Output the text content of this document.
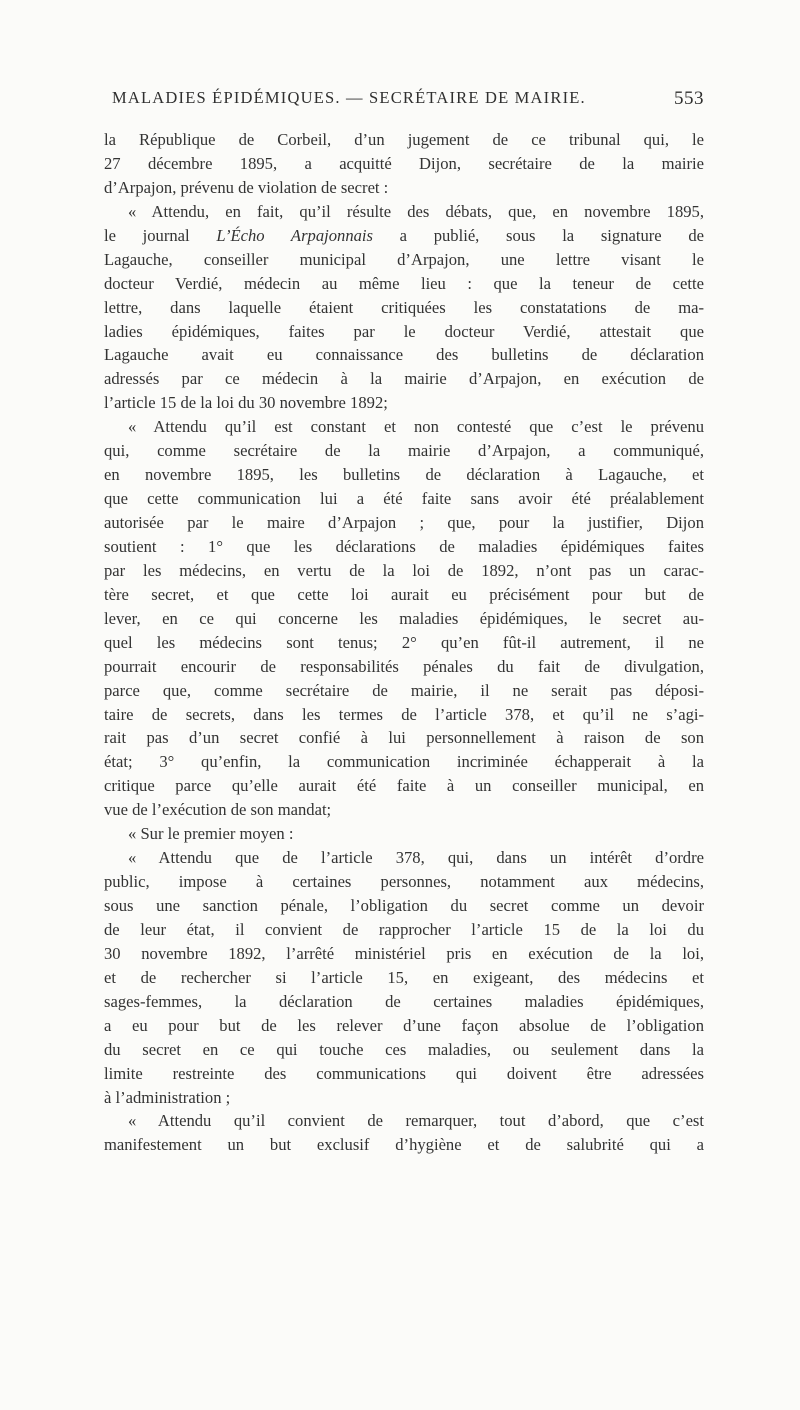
MALADIES ÉPIDÉMIQUES. — SECRÉTAIRE DE MAIRIE.	553
la République de Corbeil, d’un jugement de ce tribunal qui, le
27 décembre 1895, a acquitté Dijon, secrétaire de la mairie
d’Arpajon, prévenu de violation de secret :
« Attendu, en fait, qu’il résulte des débats, que, en novembre 1895,
le journal L’Écho Arpajonnais a publié, sous la signature de
Lagauche, conseiller municipal d’Arpajon, une lettre visant le
docteur Verdié, médecin au même lieu : que la teneur de cette
lettre, dans laquelle étaient critiquées les constatations de ma-
ladies épidémiques, faites par le docteur Verdié, attestait que
Lagauche avait eu connaissance des bulletins de déclaration
adressés par ce médecin à la mairie d’Arpajon, en exécution de
l’article 15 de la loi du 30 novembre 1892;
« Attendu qu’il est constant et non contesté que c’est le prévenu
qui, comme secrétaire de la mairie d’Arpajon, a communiqué,
en novembre 1895, les bulletins de déclaration à Lagauche, et
que cette communication lui a été faite sans avoir été préalablement
autorisée par le maire d’Arpajon ; que, pour la justifier, Dijon
soutient : 1° que les déclarations de maladies épidémiques faites
par les médecins, en vertu de la loi de 1892, n’ont pas un carac-
tère secret, et que cette loi aurait eu précisément pour but de
lever, en ce qui concerne les maladies épidémiques, le secret au-
quel les médecins sont tenus; 2° qu’en fût-il autrement, il ne
pourrait encourir de responsabilités pénales du fait de divulgation,
parce que, comme secrétaire de mairie, il ne serait pas déposi-
taire de secrets, dans les termes de l’article 378, et qu’il ne s’agi-
rait pas d’un secret confié à lui personnellement à raison de son
état; 3° qu’enfin, la communication incriminée échapperait à la
critique parce qu’elle aurait été faite à un conseiller municipal, en
vue de l’exécution de son mandat;
« Sur le premier moyen :
« Attendu que de l’article 378, qui, dans un intérêt d’ordre
public, impose à certaines personnes, notamment aux médecins,
sous une sanction pénale, l’obligation du secret comme un devoir
de leur état, il convient de rapprocher l’article 15 de la loi du
30 novembre 1892, l’arrêté ministériel pris en exécution de la loi,
et de rechercher si l’article 15, en exigeant, des médecins et
sages-femmes, la déclaration de certaines maladies épidémiques,
a eu pour but de les relever d’une façon absolue de l’obligation
du secret en ce qui touche ces maladies, ou seulement dans la
limite restreinte des communications qui doivent être adressées
à l’administration ;
« Attendu qu’il convient de remarquer, tout d’abord, que c’est
manifestement un but exclusif d’hygiène et de salubrité qui a
